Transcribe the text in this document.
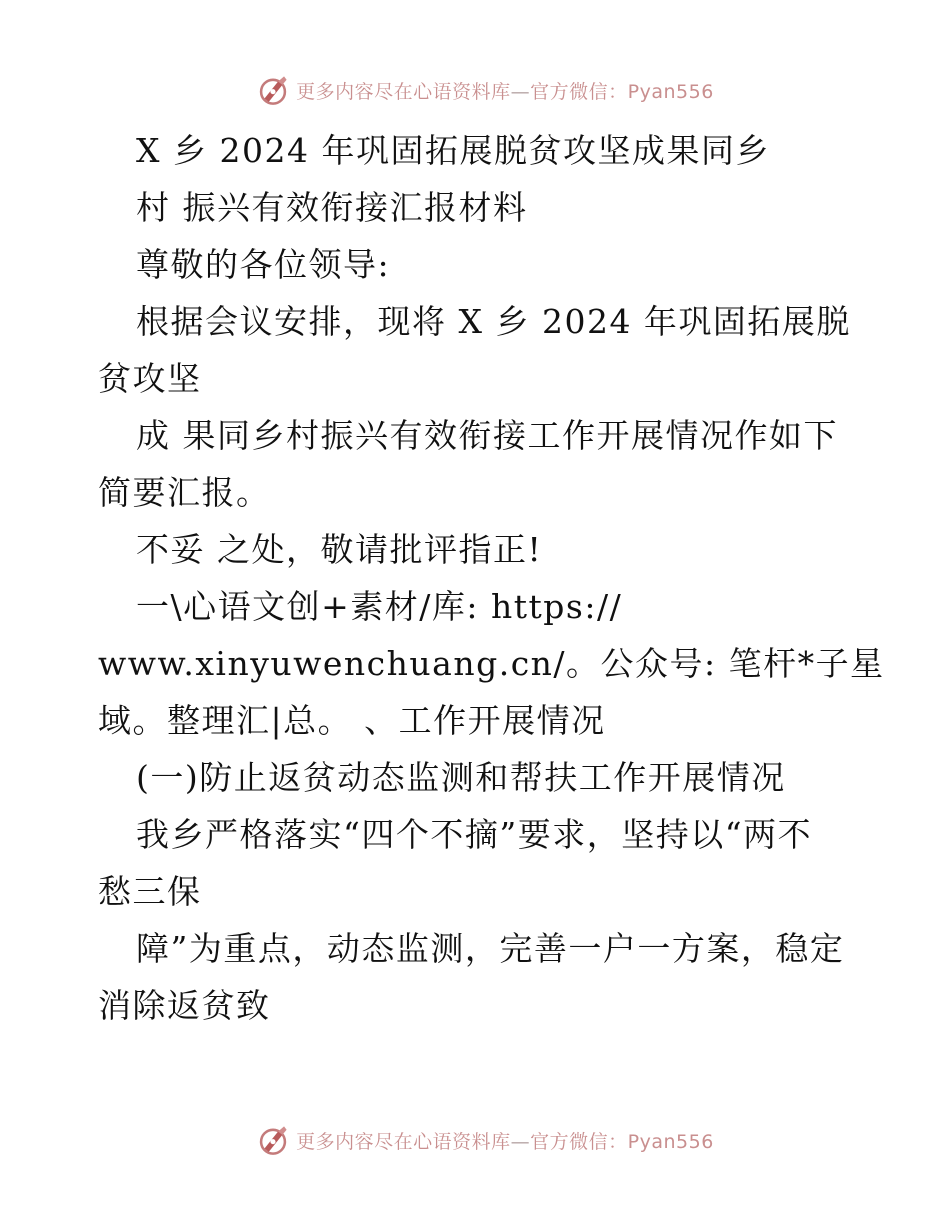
更多内容尽在心语资料库—官方微信：Pyan556
X 乡 2024 年巩固拓展脱贫攻坚成果同乡
村 振兴有效衔接汇报材料
尊敬的各位领导:
根据会议安排，现将 X 乡 2024 年巩固拓展脱
贫攻坚
成 果同乡村振兴有效衔接工作开展情况作如下
简要汇报。
不妥 之处，敬请批评指正!
一\心语文创+素材/库: https://
www.xinyuwenchuang.cn/。公众号: 笔杆*子星
域。整理汇|总。 、工作开展情况
(一)防止返贫动态监测和帮扶工作开展情况
我乡严格落实“四个不摘”要求，坚持以“两不
愁三保
障”为重点，动态监测，完善一户一方案，稳定
消除返贫致
更多内容尽在心语资料库—官方微信：Pyan556
